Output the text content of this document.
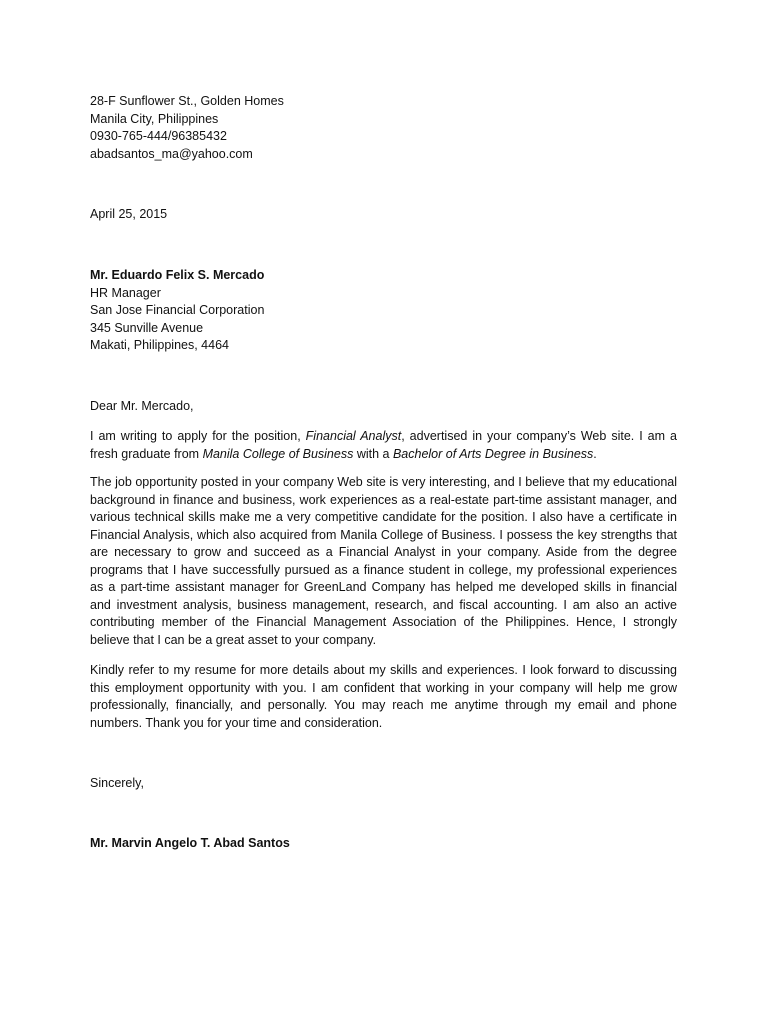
28-F Sunflower St., Golden Homes
Manila City, Philippines
0930-765-444/96385432
abadsantos_ma@yahoo.com
April 25, 2015
Mr. Eduardo Felix S. Mercado
HR Manager
San Jose Financial Corporation
345 Sunville Avenue
Makati, Philippines, 4464
Dear Mr. Mercado,
I am writing to apply for the position, Financial Analyst, advertised in your company’s Web site. I am a fresh graduate from Manila College of Business with a Bachelor of Arts Degree in Business.
The job opportunity posted in your company Web site is very interesting, and I believe that my educational background in finance and business, work experiences as a real-estate part-time assistant manager, and various technical skills make me a very competitive candidate for the position. I also have a certificate in Financial Analysis, which also acquired from Manila College of Business. I possess the key strengths that are necessary to grow and succeed as a Financial Analyst in your company. Aside from the degree programs that I have successfully pursued as a finance student in college, my professional experiences as a part-time assistant manager for GreenLand Company has helped me developed skills in financial and investment analysis, business management, research, and fiscal accounting. I am also an active contributing member of the Financial Management Association of the Philippines. Hence, I strongly believe that I can be a great asset to your company.
Kindly refer to my resume for more details about my skills and experiences. I look forward to discussing this employment opportunity with you. I am confident that working in your company will help me grow professionally, financially, and personally. You may reach me anytime through my email and phone numbers. Thank you for your time and consideration.
Sincerely,
Mr. Marvin Angelo T. Abad Santos
